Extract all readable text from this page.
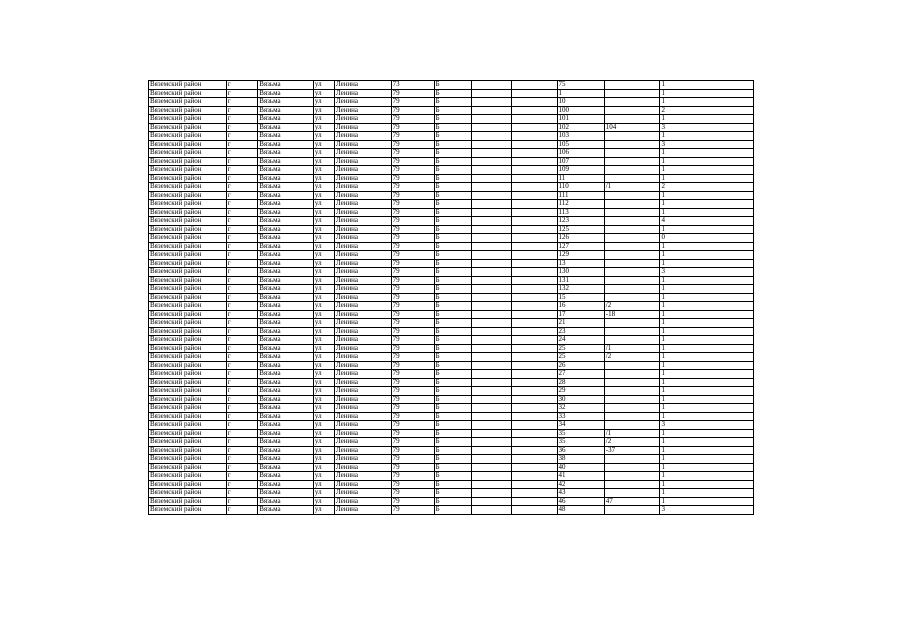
Вяземский район	г	Вязьма	ул	Ленина	73	Б			75		1
Вяземский район	г	Вязьма	ул	Ленина	79	Б			1		1
Вяземский район	г	Вязьма	ул	Ленина	79	Б			10		1
Вяземский район	г	Вязьма	ул	Ленина	79	Б			100		2
Вяземский район	г	Вязьма	ул	Ленина	79	Б			101		1
Вяземский район	г	Вязьма	ул	Ленина	79	Б			102	104	3
Вяземский район	г	Вязьма	ул	Ленина	79	Б			103		1
Вяземский район	г	Вязьма	ул	Ленина	79	Б			105		3
Вяземский район	г	Вязьма	ул	Ленина	79	Б			106		1
Вяземский район	г	Вязьма	ул	Ленина	79	Б			107		1
Вяземский район	г	Вязьма	ул	Ленина	79	Б			109		1
Вяземский район	г	Вязьма	ул	Ленина	79	Б			11		1
Вяземский район	г	Вязьма	ул	Ленина	79	Б			110	/1	2
Вяземский район	г	Вязьма	ул	Ленина	79	Б			111		1
Вяземский район	г	Вязьма	ул	Ленина	79	Б			112		1
Вяземский район	г	Вязьма	ул	Ленина	79	Б			113		1
Вяземский район	г	Вязьма	ул	Ленина	79	Б			123		4
Вяземский район	г	Вязьма	ул	Ленина	79	Б			125		1
Вяземский район	г	Вязьма	ул	Ленина	79	Б			126		0
Вяземский район	г	Вязьма	ул	Ленина	79	Б			127		1
Вяземский район	г	Вязьма	ул	Ленина	79	Б			129		1
Вяземский район	г	Вязьма	ул	Ленина	79	Б			13		1
Вяземский район	г	Вязьма	ул	Ленина	79	Б			130		3
Вяземский район	г	Вязьма	ул	Ленина	79	Б			131		1
Вяземский район	г	Вязьма	ул	Ленина	79	Б			132		1
Вяземский район	г	Вязьма	ул	Ленина	79	Б			15		1
Вяземский район	г	Вязьма	ул	Ленина	79	Б			16	/2	1
Вяземский район	г	Вязьма	ул	Ленина	79	Б			17	-18	1
Вяземский район	г	Вязьма	ул	Ленина	79	Б			21		1
Вяземский район	г	Вязьма	ул	Ленина	79	Б			23		1
Вяземский район	г	Вязьма	ул	Ленина	79	Б			24		1
Вяземский район	г	Вязьма	ул	Ленина	79	Б			25	/1	1
Вяземский район	г	Вязьма	ул	Ленина	79	Б			25	/2	1
Вяземский район	г	Вязьма	ул	Ленина	79	Б			26		1
Вяземский район	г	Вязьма	ул	Ленина	79	Б			27		1
Вяземский район	г	Вязьма	ул	Ленина	79	Б			28		1
Вяземский район	г	Вязьма	ул	Ленина	79	Б			29		1
Вяземский район	г	Вязьма	ул	Ленина	79	Б			30		1
Вяземский район	г	Вязьма	ул	Ленина	79	Б			32		1
Вяземский район	г	Вязьма	ул	Ленина	79	Б			33		1
Вяземский район	г	Вязьма	ул	Ленина	79	Б			34		3
Вяземский район	г	Вязьма	ул	Ленина	79	Б			35	/1	1
Вяземский район	г	Вязьма	ул	Ленина	79	Б			35	/2	1
Вяземский район	г	Вязьма	ул	Ленина	79	Б			36	-37	1
Вяземский район	г	Вязьма	ул	Ленина	79	Б			38		1
Вяземский район	г	Вязьма	ул	Ленина	79	Б			40		1
Вяземский район	г	Вязьма	ул	Ленина	79	Б			41		1
Вяземский район	г	Вязьма	ул	Ленина	79	Б			42		1
Вяземский район	г	Вязьма	ул	Ленина	79	Б			43		1
Вяземский район	г	Вязьма	ул	Ленина	79	Б			46	47	1
Вяземский район	г	Вязьма	ул	Ленина	79	Б			48		3
